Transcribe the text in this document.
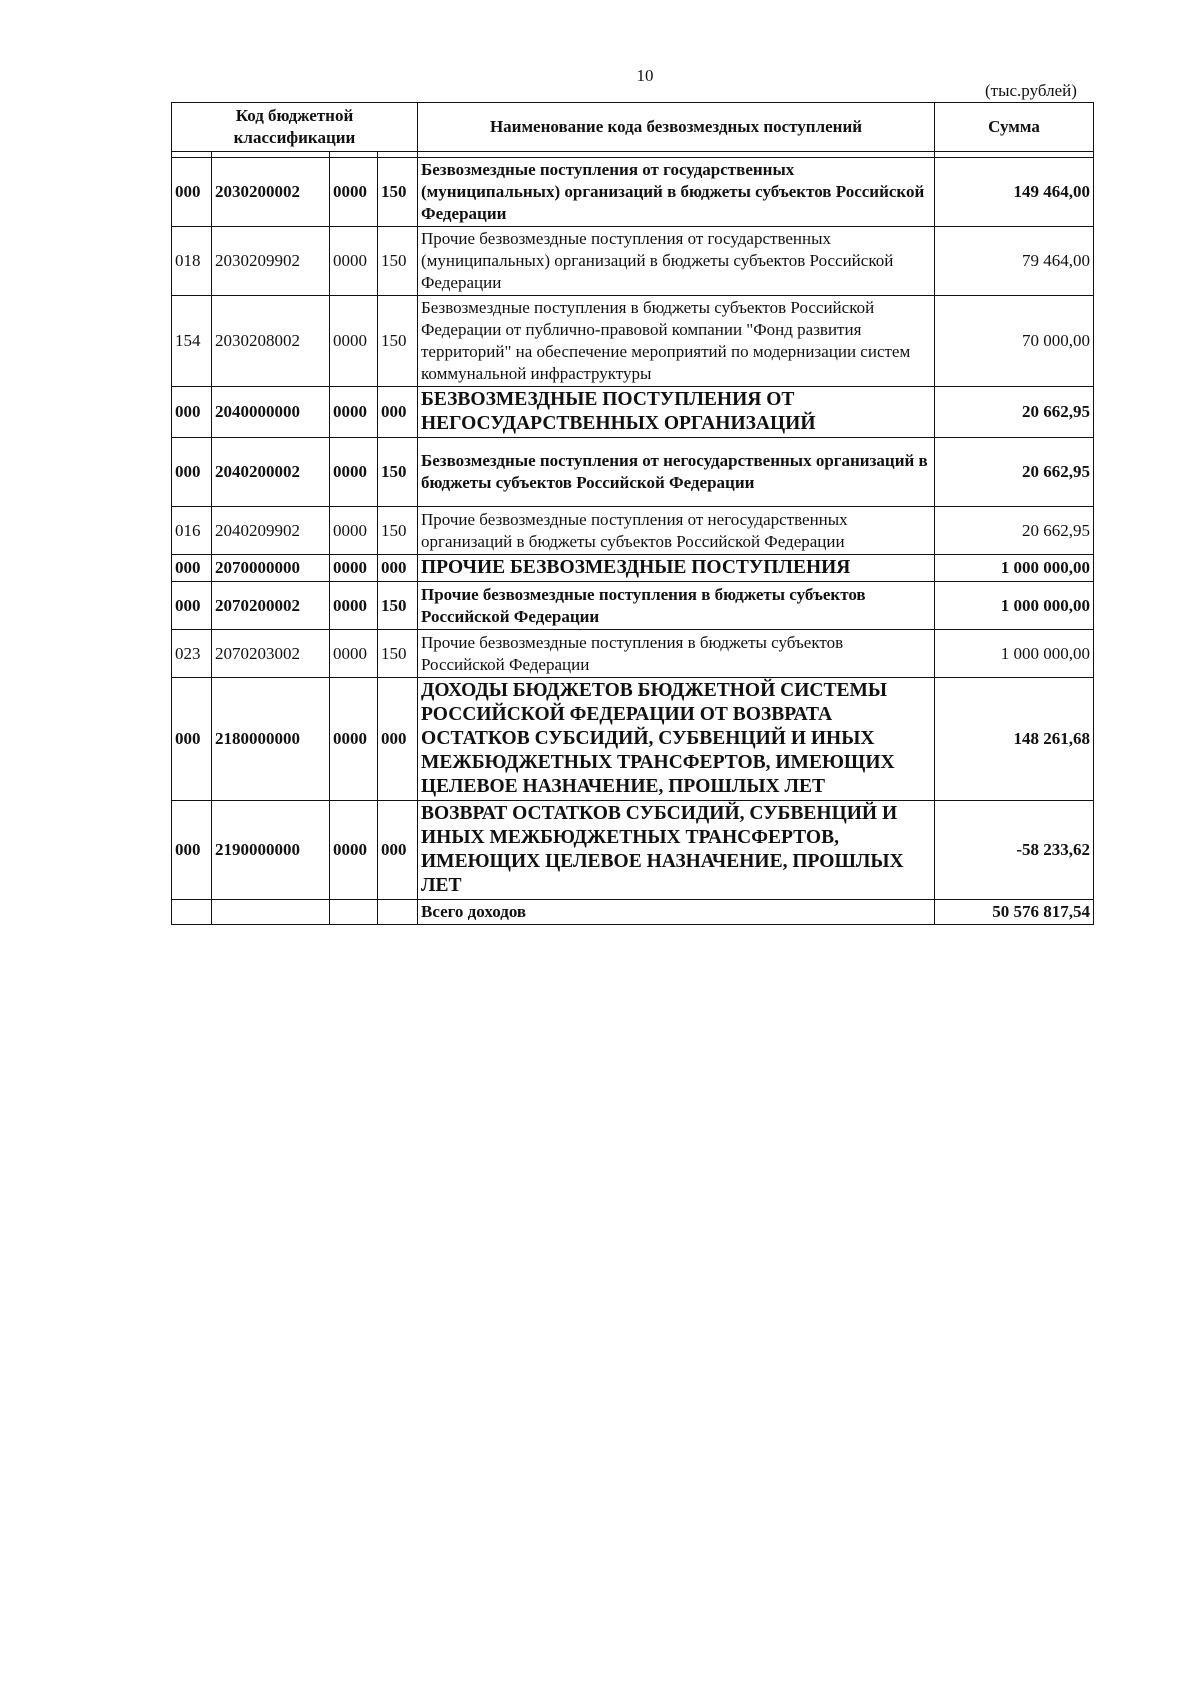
10
(тыс.рублей)
Код бюджетной классификации				Наименование кода безвозмездных поступлений	Сумма

000	2030200002	0000	150	Безвозмездные поступления от государственных (муниципальных) организаций в бюджеты субъектов Российской Федерации	149 464,00
018	2030209902	0000	150	Прочие безвозмездные поступления от государственных (муниципальных) организаций в бюджеты субъектов Российской Федерации	79 464,00
154	2030208002	0000	150	Безвозмездные поступления в бюджеты субъектов Российской Федерации от публично-правовой компании "Фонд развития территорий" на обеспечение мероприятий по модернизации систем коммунальной инфраструктуры	70 000,00
000	2040000000	0000	000	БЕЗВОЗМЕЗДНЫЕ ПОСТУПЛЕНИЯ ОТ НЕГОСУДАРСТВЕННЫХ ОРГАНИЗАЦИЙ	20 662,95
000	2040200002	0000	150	Безвозмездные поступления от негосударственных организаций в бюджеты субъектов Российской Федерации	20 662,95
016	2040209902	0000	150	Прочие безвозмездные поступления от негосударственных организаций в бюджеты субъектов Российской Федерации	20 662,95
000	2070000000	0000	000	ПРОЧИЕ БЕЗВОЗМЕЗДНЫЕ ПОСТУПЛЕНИЯ	1 000 000,00
000	2070200002	0000	150	Прочие безвозмездные поступления в бюджеты субъектов Российской Федерации	1 000 000,00
023	2070203002	0000	150	Прочие безвозмездные поступления в бюджеты субъектов Российской Федерации	1 000 000,00
000	2180000000	0000	000	ДОХОДЫ БЮДЖЕТОВ БЮДЖЕТНОЙ СИСТЕМЫ РОССИЙСКОЙ ФЕДЕРАЦИИ ОТ ВОЗВРАТА ОСТАТКОВ СУБСИДИЙ, СУБВЕНЦИЙ И ИНЫХ МЕЖБЮДЖЕТНЫХ ТРАНСФЕРТОВ, ИМЕЮЩИХ ЦЕЛЕВОЕ НАЗНАЧЕНИЕ, ПРОШЛЫХ ЛЕТ	148 261,68
000	2190000000	0000	000	ВОЗВРАТ ОСТАТКОВ СУБСИДИЙ, СУБВЕНЦИЙ И ИНЫХ МЕЖБЮДЖЕТНЫХ ТРАНСФЕРТОВ, ИМЕЮЩИХ ЦЕЛЕВОЕ НАЗНАЧЕНИЕ, ПРОШЛЫХ ЛЕТ	-58 233,62
				Всего доходов	50 576 817,54
